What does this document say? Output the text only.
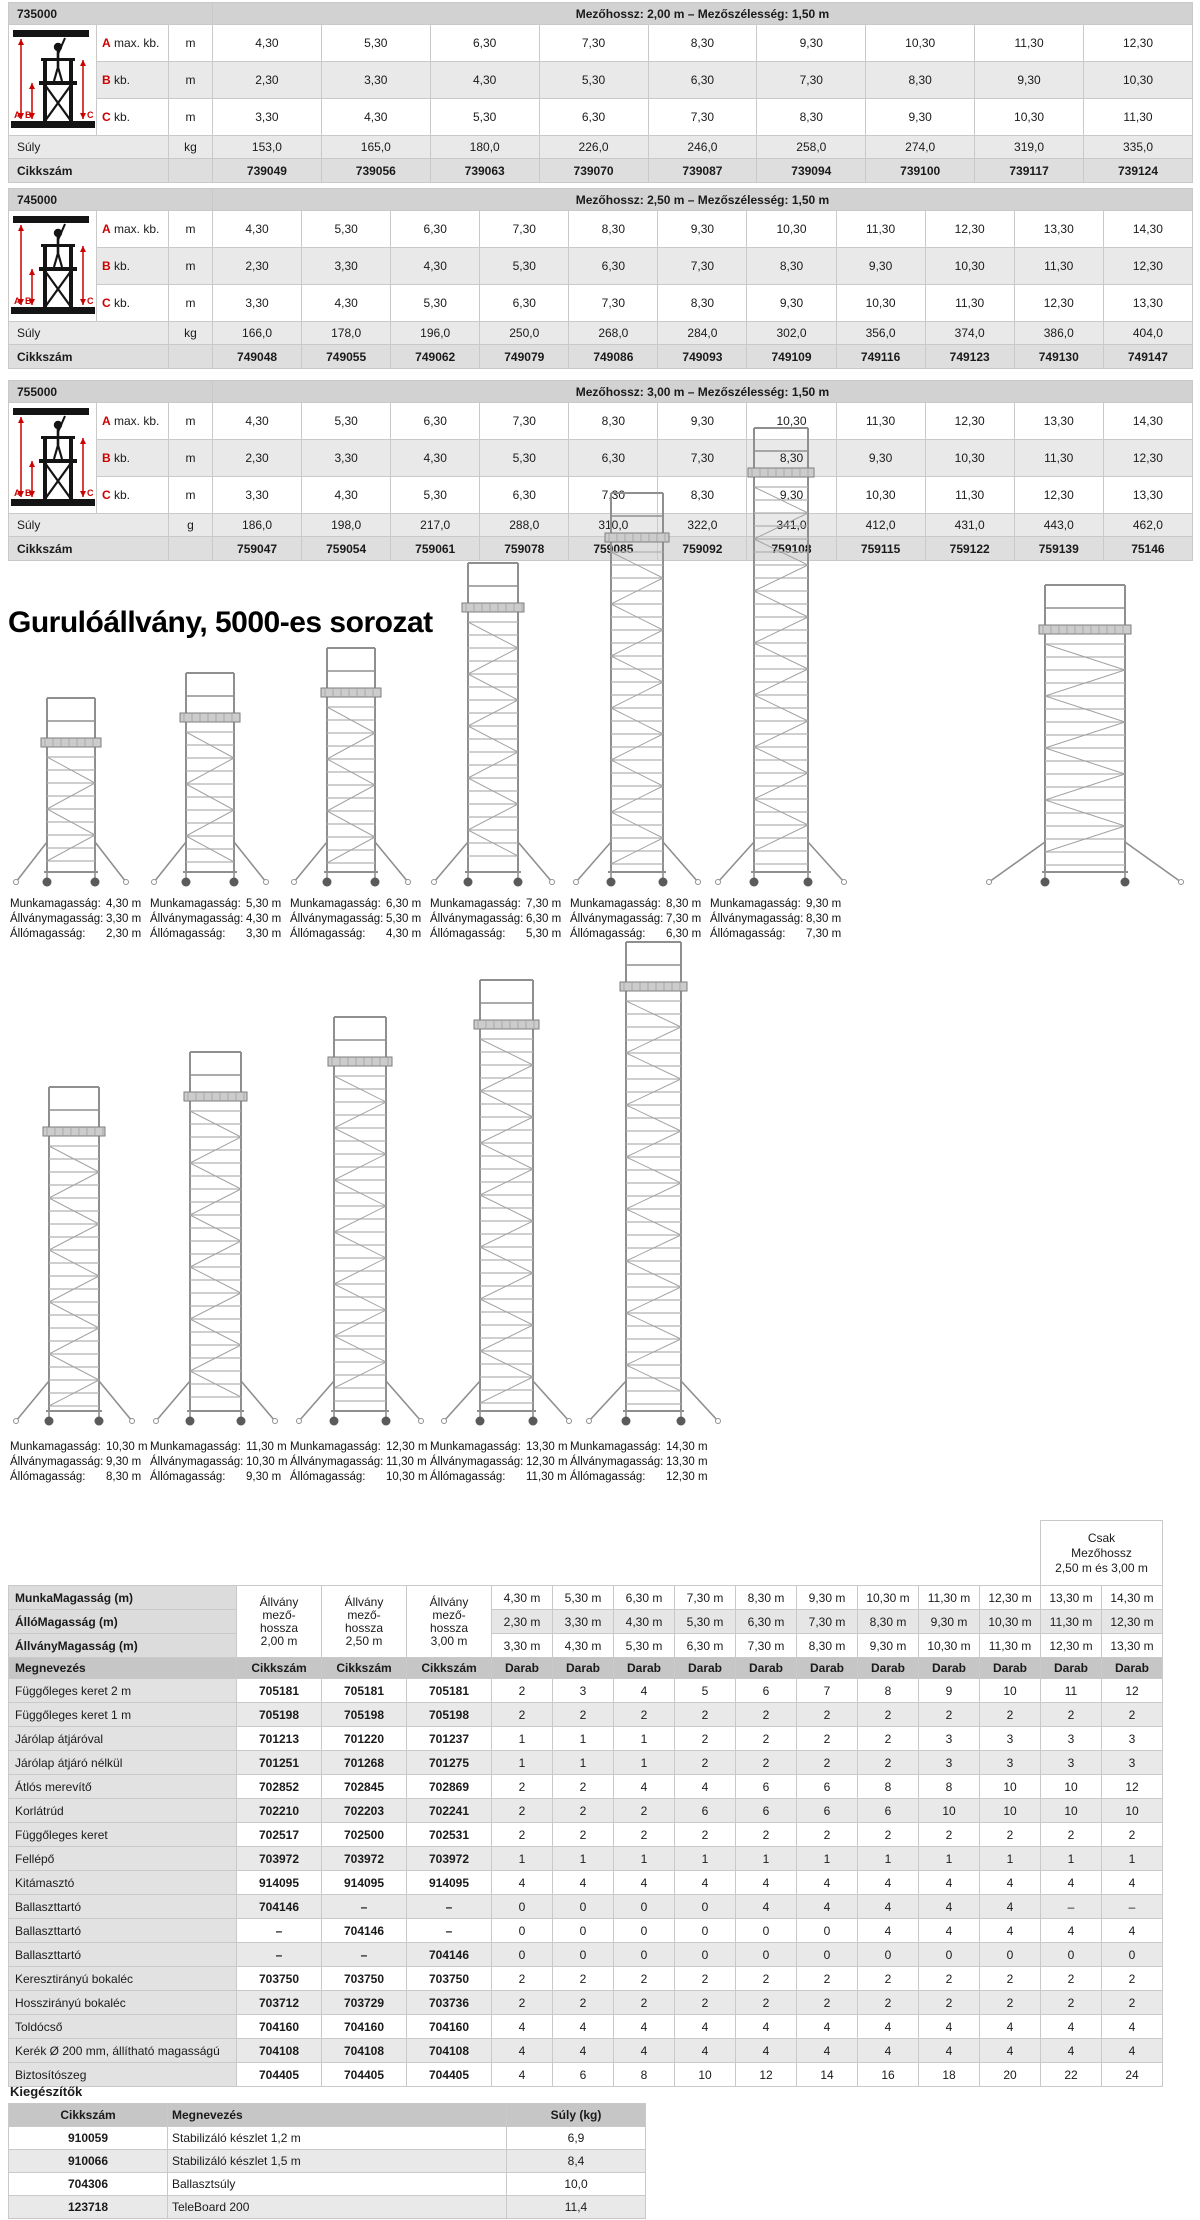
735000			Mezőhossz: 2,00 m – Mezőszélesség: 1,50 m								

A B C	A max. kb.	m	4,30	5,30	6,30	7,30	8,30	9,30	10,30	11,30	12,30
	B kb.	m	2,30	3,30	4,30	5,30	6,30	7,30	8,30	9,30	10,30
	C kb.	m	3,30	4,30	5,30	6,30	7,30	8,30	9,30	10,30	11,30
Súly		kg	153,0	165,0	180,0	226,0	246,0	258,0	274,0	319,0	335,0
Cikkszám			739049	739056	739063	739070	739087	739094	739100	739117	739124
745000			Mezőhossz: 2,50 m – Mezőszélesség: 1,50 m										

A B C	A max. kb.	m	4,30	5,30	6,30	7,30	8,30	9,30	10,30	11,30	12,30	13,30	14,30
	B kb.	m	2,30	3,30	4,30	5,30	6,30	7,30	8,30	9,30	10,30	11,30	12,30
	C kb.	m	3,30	4,30	5,30	6,30	7,30	8,30	9,30	10,30	11,30	12,30	13,30
Súly		kg	166,0	178,0	196,0	250,0	268,0	284,0	302,0	356,0	374,0	386,0	404,0
Cikkszám			749048	749055	749062	749079	749086	749093	749109	749116	749123	749130	749147
755000			Mezőhossz: 3,00 m – Mezőszélesség: 1,50 m										

A B C	A max. kb.	m	4,30	5,30	6,30	7,30	8,30	9,30	10,30	11,30	12,30	13,30	14,30
	B kb.	m	2,30	3,30	4,30	5,30	6,30	7,30	8,30	9,30	10,30	11,30	12,30
	C kb.	m	3,30	4,30	5,30	6,30	7,30	8,30	9,30	10,30	11,30	12,30	13,30
Súly		g	186,0	198,0	217,0	288,0	310,0	322,0	341,0	412,0	431,0	443,0	462,0
Cikkszám			759047	759054	759061	759078	759085	759092	759108	759115	759122	759139	75146
Gurulóállvány, 5000-es sorozat
Munkamagasság: 4,30 m
Állványmagasság: 3,30 m
Állómagasság:	2,30 m
Munkamagasság: 5,30 m
Állványmagasság: 4,30 m
Állómagasság:	3,30 m
Munkamagasság: 6,30 m
Állványmagasság: 5,30 m
Állómagasság:	4,30 m
Munkamagasság: 7,30 m
Állványmagasság: 6,30 m
Állómagasság:	5,30 m
Munkamagasság: 8,30 m
Állványmagasság: 7,30 m
Állómagasság:	6,30 m
Munkamagasság: 9,30 m
Állványmagasság: 8,30 m
Állómagasság:	7,30 m
Munkamagasság: 10,30 m
Állványmagasság: 9,30 m
Állómagasság:	8,30 m
Munkamagasság: 11,30 m
Állványmagasság: 10,30 m
Állómagasság:	9,30 m
Munkamagasság: 12,30 m
Állványmagasság: 11,30 m
Állómagasság:	10,30 m
Munkamagasság: 13,30 m
Állványmagasság: 12,30 m
Állómagasság:	11,30 m
Munkamagasság: 14,30 m
Állványmagasság: 13,30 m
Állómagasság:	12,30 m
													Csak
Mezőhossz
2,50 m és 3,00 m	
MunkaMagasság (m)	Állvány
mező-
hossza
2,00 m	Állvány
mező-
hossza
2,50 m	Állvány
mező-
hossza
3,00 m	4,30 m	5,30 m	6,30 m	7,30 m	8,30 m	9,30 m	10,30 m	11,30 m	12,30 m	13,30 m	14,30 m
ÁllóMagasság (m)				2,30 m	3,30 m	4,30 m	5,30 m	6,30 m	7,30 m	8,30 m	9,30 m	10,30 m	11,30 m	12,30 m
ÁllványMagasság (m)				3,30 m	4,30 m	5,30 m	6,30 m	7,30 m	8,30 m	9,30 m	10,30 m	11,30 m	12,30 m	13,30 m
Megnevezés	Cikkszám	Cikkszám	Cikkszám	Darab	Darab	Darab	Darab	Darab	Darab	Darab	Darab	Darab	Darab	Darab
Függőleges keret 2 m	705181	705181	705181	2	3	4	5	6	7	8	9	10	11	12
Függőleges keret 1 m	705198	705198	705198	2	2	2	2	2	2	2	2	2	2	2
Járólap átjáróval	701213	701220	701237	1	1	1	2	2	2	2	3	3	3	3
Járólap átjáró nélkül	701251	701268	701275	1	1	1	2	2	2	2	3	3	3	3
Átlós merevítő	702852	702845	702869	2	2	4	4	6	6	8	8	10	10	12
Korlátrúd	702210	702203	702241	2	2	2	6	6	6	6	10	10	10	10
Függőleges keret	702517	702500	702531	2	2	2	2	2	2	2	2	2	2	2
Fellépő	703972	703972	703972	1	1	1	1	1	1	1	1	1	1	1
Kitámasztó	914095	914095	914095	4	4	4	4	4	4	4	4	4	4	4
Ballaszttartó	704146	–	–	0	0	0	0	4	4	4	4	4	–	–
Ballaszttartó	–	704146	–	0	0	0	0	0	0	4	4	4	4	4
Ballaszttartó	–	–	704146	0	0	0	0	0	0	0	0	0	0	0
Keresztirányú bokaléc	703750	703750	703750	2	2	2	2	2	2	2	2	2	2	2
Hosszirányú bokaléc	703712	703729	703736	2	2	2	2	2	2	2	2	2	2	2
Toldócső	704160	704160	704160	4	4	4	4	4	4	4	4	4	4	4
Kerék Ø 200 mm, állítható magasságú	704108	704108	704108	4	4	4	4	4	4	4	4	4	4	4
Biztosítószeg	704405	704405	704405	4	6	8	10	12	14	16	18	20	22	24
Kiegészítők
Cikkszám	Megnevezés	Súly (kg)
910059	Stabilizáló készlet 1,2 m	6,9
910066	Stabilizáló készlet 1,5 m	8,4
704306	Ballasztsúly	10,0
123718	TeleBoard 200	11,4
